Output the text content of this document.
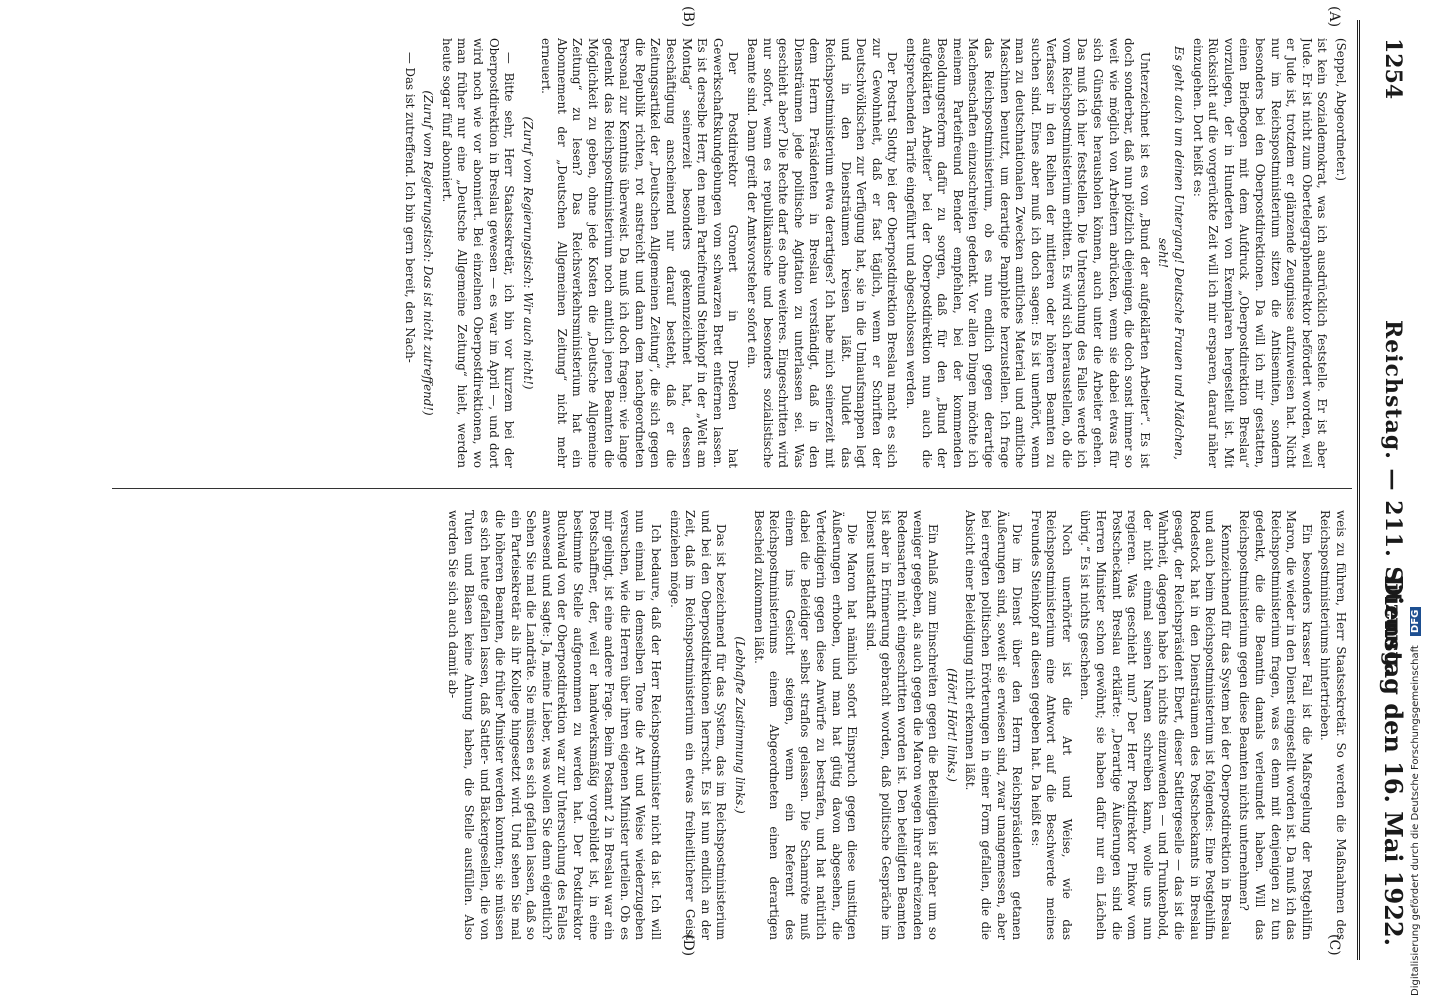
1254
Reichstag. — 211. Sitzung.
Dienstag den 16. Mai 1922.
(A)
(B)
(C)
(D)

(Seppel, Abgeordneter.)

ist kein Sozialdemokrat, was ich ausdrücklich feststelle. Er ist aber Jude. Er ist nicht zum Obertelegraphendirektor befördert worden, weil er Jude ist, trotzdem er glänzende Zeugnisse aufzuweisen hat. Nicht nur im Reichspostministerium sitzen die Antisemiten, sondern besonders bei den Oberpostdirektionen. Da will ich mir gestatten, einen Briefbogen mit dem Aufdruck „Oberpostdirektion Breslau“ vorzulegen, der in Hunderten von Exemplaren hergestellt ist. Mit Rücksicht auf die vorgerückte Zeit will ich mir ersparen, darauf näher einzugehen. Dort heißt es:

Es geht auch um deinen Untergang! Deutsche Frauen und Mädchen, seht!

Unterzeichnet ist es von „Bund der aufgeklärten Arbeiter“. Es ist doch sonderbar, daß nun plötzlich diejenigen, die doch sonst immer so weit wie möglich von Arbeitern abrücken, wenn sie dabei etwas für sich Günstiges herausholen können, auch unter die Arbeiter gehen. Das muß ich hier feststellen. Die Untersuchung des Falles werde ich vom Reichspostministerium erbitten. Es wird sich herausstellen, ob die Verfasser in den Reihen der mittleren oder höheren Beamten zu suchen sind. Eines aber muß ich doch sagen: Es ist unerhört, wenn man zu deutschnationalen Zwecken amtliches Material und amtliche Maschinen benutzt, um derartige Pamphlete herzustellen. Ich frage das Reichspostministerium, ob es nun endlich gegen derartige Machenschaften einzuschreiten gedenkt. Vor allen Dingen möchte ich meinem Parteifreund Bender empfehlen, bei der kommenden Besoldungsreform dafür zu sorgen, daß für den „Bund der aufgeklärten Arbeiter“ bei der Oberpostdirektion nun auch die entsprechenden Tarife eingeführt und abgeschlossen werden.

Der Postrat Slotty bei der Oberpostdirektion Breslau macht es sich zur Gewohnheit, daß er fast täglich, wenn er Schriften der Deutschvölkischen zur Verfügung hat, sie in die Umlaufsmappen legt und in den Diensträumen kreisen läßt. Duldet das Reichspostministerium etwa derartiges? Ich habe mich seinerzeit mit dem Herrn Präsidenten in Breslau verständigt, daß in den Diensträumen jede politische Agitation zu unterlassen sei. Was geschieht aber? Die Rechte darf es ohne weiteres. Eingeschritten wird nur sofort, wenn es republikanische und besonders sozialistische Beamte sind. Dann greift der Amtsvorsteher sofort ein.

Der Postdirektor Gronert in Dresden hat Gewerkschaftskundgebungen vom schwarzen Brett entfernen lassen. Es ist derselbe Herr, den mein Parteifreund Steinkopf in der „Welt am Montag“ seinerzeit besonders gekennzeichnet hat, dessen Beschäftigung anscheinend nur darauf besteht, daß er die Zeitungsartikel der „Deutschen Allgemeinen Zeitung“, die sich gegen die Republik richten, rot anstreicht und dann dem nachgeordneten Personal zur Kenntnis überweist. Da muß ich doch fragen: wie lange gedenkt das Reichspostministerium noch amtlich jenen Beamten die Möglichkeit zu geben, ohne jede Kosten die „Deutsche Allgemeine Zeitung“ zu lesen? Das Reichsverkehrsministerium hat ein Abonnement der „Deutschen Allgemeinen Zeitung“ nicht mehr erneuert.

(Zuruf vom Regierungstisch: Wir auch nicht!)

— Bitte sehr, Herr Staatssekretär, ich bin vor kurzem bei der Oberpostdirektion in Breslau gewesen — es war im April —, und dort wird noch wie vor abonniert. Bei einzelnen Oberpostdirektionen, wo man früher nur eine „Deutsche Allgemeine Zeitung“ hielt, werden heute sogar fünf abonniert.

(Zuruf vom Regierungstisch: Das ist nicht zutreffend!)

— Das ist zutreffend. Ich bin gern bereit, den Nach-

weis zu führen, Herr Staatssekretär. So werden die Maßnahmen des Reichspostministeriums hintertrieben.

Ein besonders krasser Fall ist die Maßregelung der Postgehilfin Maron, die wieder in den Dienst eingestellt worden ist. Da muß ich das Reichspostministerium fragen, was es denn mit denjenigen zu tun gedenkt, die die Beamtin damals verleumdet haben. Will das Reichspostministerium gegen diese Beamten nichts unternehmen?

Kennzeichnend für das System bei der Oberpostdirektion in Breslau und auch beim Reichspostministerium ist folgendes: Eine Postgehilfin Rodestock hat in den Diensträumen des Postscheckamts in Breslau gesagt, der Reichspräsident Ebert, dieser Sattlergeselle — das ist die Wahrheit, dagegen habe ich nichts einzuwenden — und Trunkenbold, der nicht einmal seinen Namen schreiben kann, wolle uns nun regieren. Was geschieht nun? Der Herr Postdirektor Pinkow vom Postscheckamt Breslau erklärte: „Derartige Äußerungen sind die Herren Minister schon gewöhnt; sie haben dafür nur ein Lächeln übrig.“ Es ist nichts geschehen.

Noch unerhörter ist die Art und Weise, wie das Reichspostministerium eine Antwort auf die Beschwerde meines Freundes Steinkopf an diesen gegeben hat. Da heißt es:

Die im Dienst über den Herrn Reichspräsidenten getanen Äußerungen sind, soweit sie erwiesen sind, zwar unangemessen, aber bei erregten politischen Erörterungen in einer Form gefallen, die die Absicht einer Beleidigung nicht erkennen läßt.

(Hört! Hört! links.)

Ein Anlaß zum Einschreiten gegen die Beteiligten ist daher um so weniger gegeben, als auch gegen die Maron wegen ihrer aufreizenden Redensarten nicht eingeschritten worden ist. Den beteiligten Beamten ist aber in Erinnerung gebracht worden, daß politische Gespräche im Dienst unstatthaft sind.

Die Maron hat nämlich sofort Einspruch gegen diese unsittigen Äußerungen erhoben, und man hat gütig davon abgesehen, die Verteidigerin gegen diese Anwürfe zu bestrafen, und hat natürlich dabei die Beleidiger selbst straflos gelassen. Die Schamröte muß einem ins Gesicht steigen, wenn ein Referent des Reichspostministeriums einem Abgeordneten einen derartigen Bescheid zukommen läßt.

(Lebhafte Zustimmung links.)

Das ist bezeichnend für das System, das im Reichspostministerium und bei den Oberpostdirektionen herrscht. Es ist nun endlich an der Zeit, daß im Reichspostministerium ein etwas freiheitlicherer Geist einziehen möge.

Ich bedaure, daß der Herr Reichspostminister nicht da ist. Ich will nun einmal in demselben Tone die Art und Weise wiederzugeben versuchen, wie die Herren über ihren eigenen Minister urteilen. Ob es mir gelingt, ist eine andere Frage. Beim Postamt 2 in Breslau war ein Postschaffner, der, weil er handwerksmäßig vorgebildet ist, in eine bestimmte Stelle aufgenommen zu werden hat. Der Postdirektor Buchwald von der Oberpostdirektion war zur Untersuchung des Falles anwesend und sagte: Ja, meine Lieber, was wollen Sie denn eigentlich? Sehen Sie mal die Landräte. Sie müssen es sich gefallen lassen, daß so ein Parteisekretär als ihr Kollege hingesetzt wird. Und sehen Sie mal die höheren Beamten, die früher Minister werden konnten; sie müssen es sich heute gefallen lassen, daß Sattler- und Bäckergesellen, die von Tuten und Blasen keine Ahnung haben, die Stelle ausfüllen. Also werden Sie sich auch damit ab-

Digitalisierung gefördert durch die Deutsche Forschungsgemeinschaft DFG
